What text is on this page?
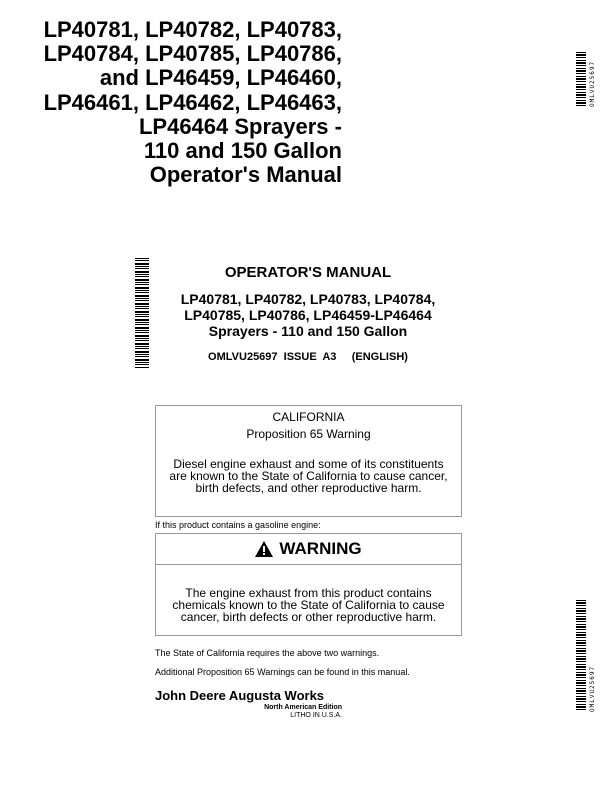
LP40781, LP40782, LP40783,
LP40784, LP40785, LP40786,
and LP46459, LP46460,
LP46461, LP46462, LP46463,
LP46464 Sprayers -
110 and 150 Gallon
Operator's Manual
OMLVU25697
OMLVU25697
OPERATOR'S MANUAL
LP40781, LP40782, LP40783, LP40784,
LP40785, LP40786, LP46459-LP46464
Sprayers - 110 and 150 Gallon
OMLVU25697  ISSUE  A3     (ENGLISH)
CALIFORNIA
Proposition 65 Warning
Diesel engine exhaust and some of its constituents
are known to the State of California to cause cancer,
birth defects, and other reproductive harm.
If this product contains a gasoline engine:
WARNING
The engine exhaust from this product contains
chemicals known to the State of California to cause
cancer, birth defects or other reproductive harm.
The State of California requires the above two warnings.
Additional Proposition 65 Warnings can be found in this manual.
John Deere Augusta Works
North American Edition
LITHO IN U.S.A.
